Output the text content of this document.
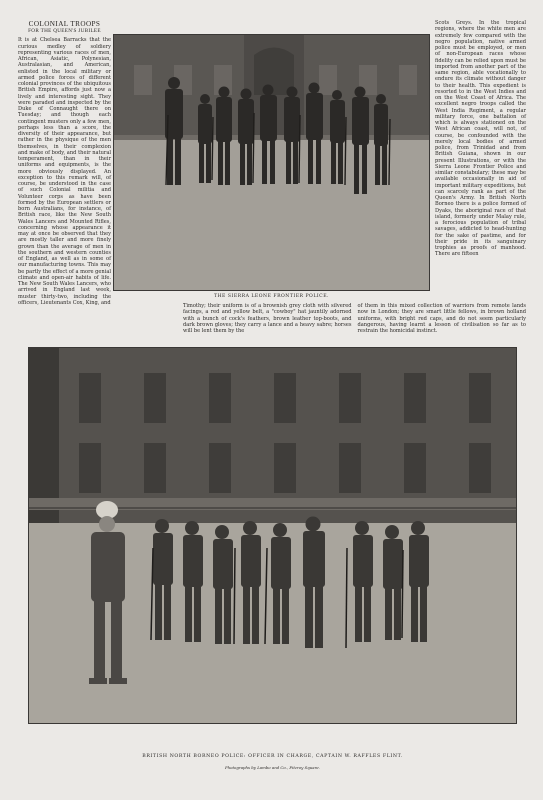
COLONIAL TROOPS
FOR THE QUEEN'S JUBILEE

It is at Chelsea Barracks that the curious medley of soldiery representing various races of men, African, Asiatic, Polynesian, Australasian, and American, enlisted in the local military or armed police forces of different colonial provinces of the ubiquitous British Empire, affords just now a lively and interesting sight. They were paraded and inspected by the Duke of Connaught there on Tuesday; and though each contingent musters only a few men, perhaps less than a score, the diversity of their appearance, but rather in the physique of the men themselves, in their complexion and make of body, and their natural temperament, than in their uniforms and equipments, is the more obviously displayed. An exception to this remark will, of course, be understood in the case of such Colonial militia and Volunteer corps as have been formed by the European settlers or born Australians, for instance, of British race, like the New South Wales Lancers and Mounted Rifles, concerning whose appearance it may at once be observed that they are mostly taller and more finely grown than the average of men in the southern and western counties of England, as well as in some of our manufacturing towns. This may be partly the effect of a more genial climate and open-air habits of life. The New South Wales Lancers, who arrived in England last week, muster thirty-two, including the officers, Lieutenants Cox, King, and

THE SIERRA LEONE FRONTIER POLICE.

Scots Greys. In the tropical regions, where the white men are extremely few compared with the negro population, native armed police must be employed, or men of non-European races whose fidelity can be relied upon must be imported from another part of the same region, able vocationally to endure its climate without danger to their health. This expedient is resorted to in the West Indies and on the West Coast of Africa. The excellent negro troops called the West India Regiment, a regular military force, one battalion of which is always stationed on the West African coast, will not, of course, be confounded with the merely local bodies of armed police, from Trinidad and from British Guiana, shown in our present Illustrations, or with the Sierra Leone Frontier Police and similar constabulary; these may be available occasionally in aid of important military expeditions, but can scarcely rank as part of the Queen's Army. In British North Borneo there is a police formed of Dyaks, the aboriginal race of that island, formerly under Malay rule, a ferocious population of tribal savages, addicted to head-hunting for the sake of pastime, and for their pride in its sanguinary trophies as proofs of manhood. There are fifteen

Timothy; their uniform is of a brownish grey cloth with silvered facings, a red and yellow belt, a "cowboy" hat jauntily adorned with a bunch of cock's feathers, brown leather top-boots, and dark brown gloves; they carry a lance and a heavy sabre; horses will be lent them by the

of them in this mixed collection of warriors from remote lands now in London; they are smart little fellows, in brown holland uniforms, with bright red caps, and do not seem particularly dangerous, having learnt a lesson of civilisation so far as to restrain the homicidal instinct.

BRITISH NORTH BORNEO POLICE: OFFICER IN CHARGE, CAPTAIN W. RAFFLES FLINT.
Photographs by Lambo and Co., Fitzroy Square.
